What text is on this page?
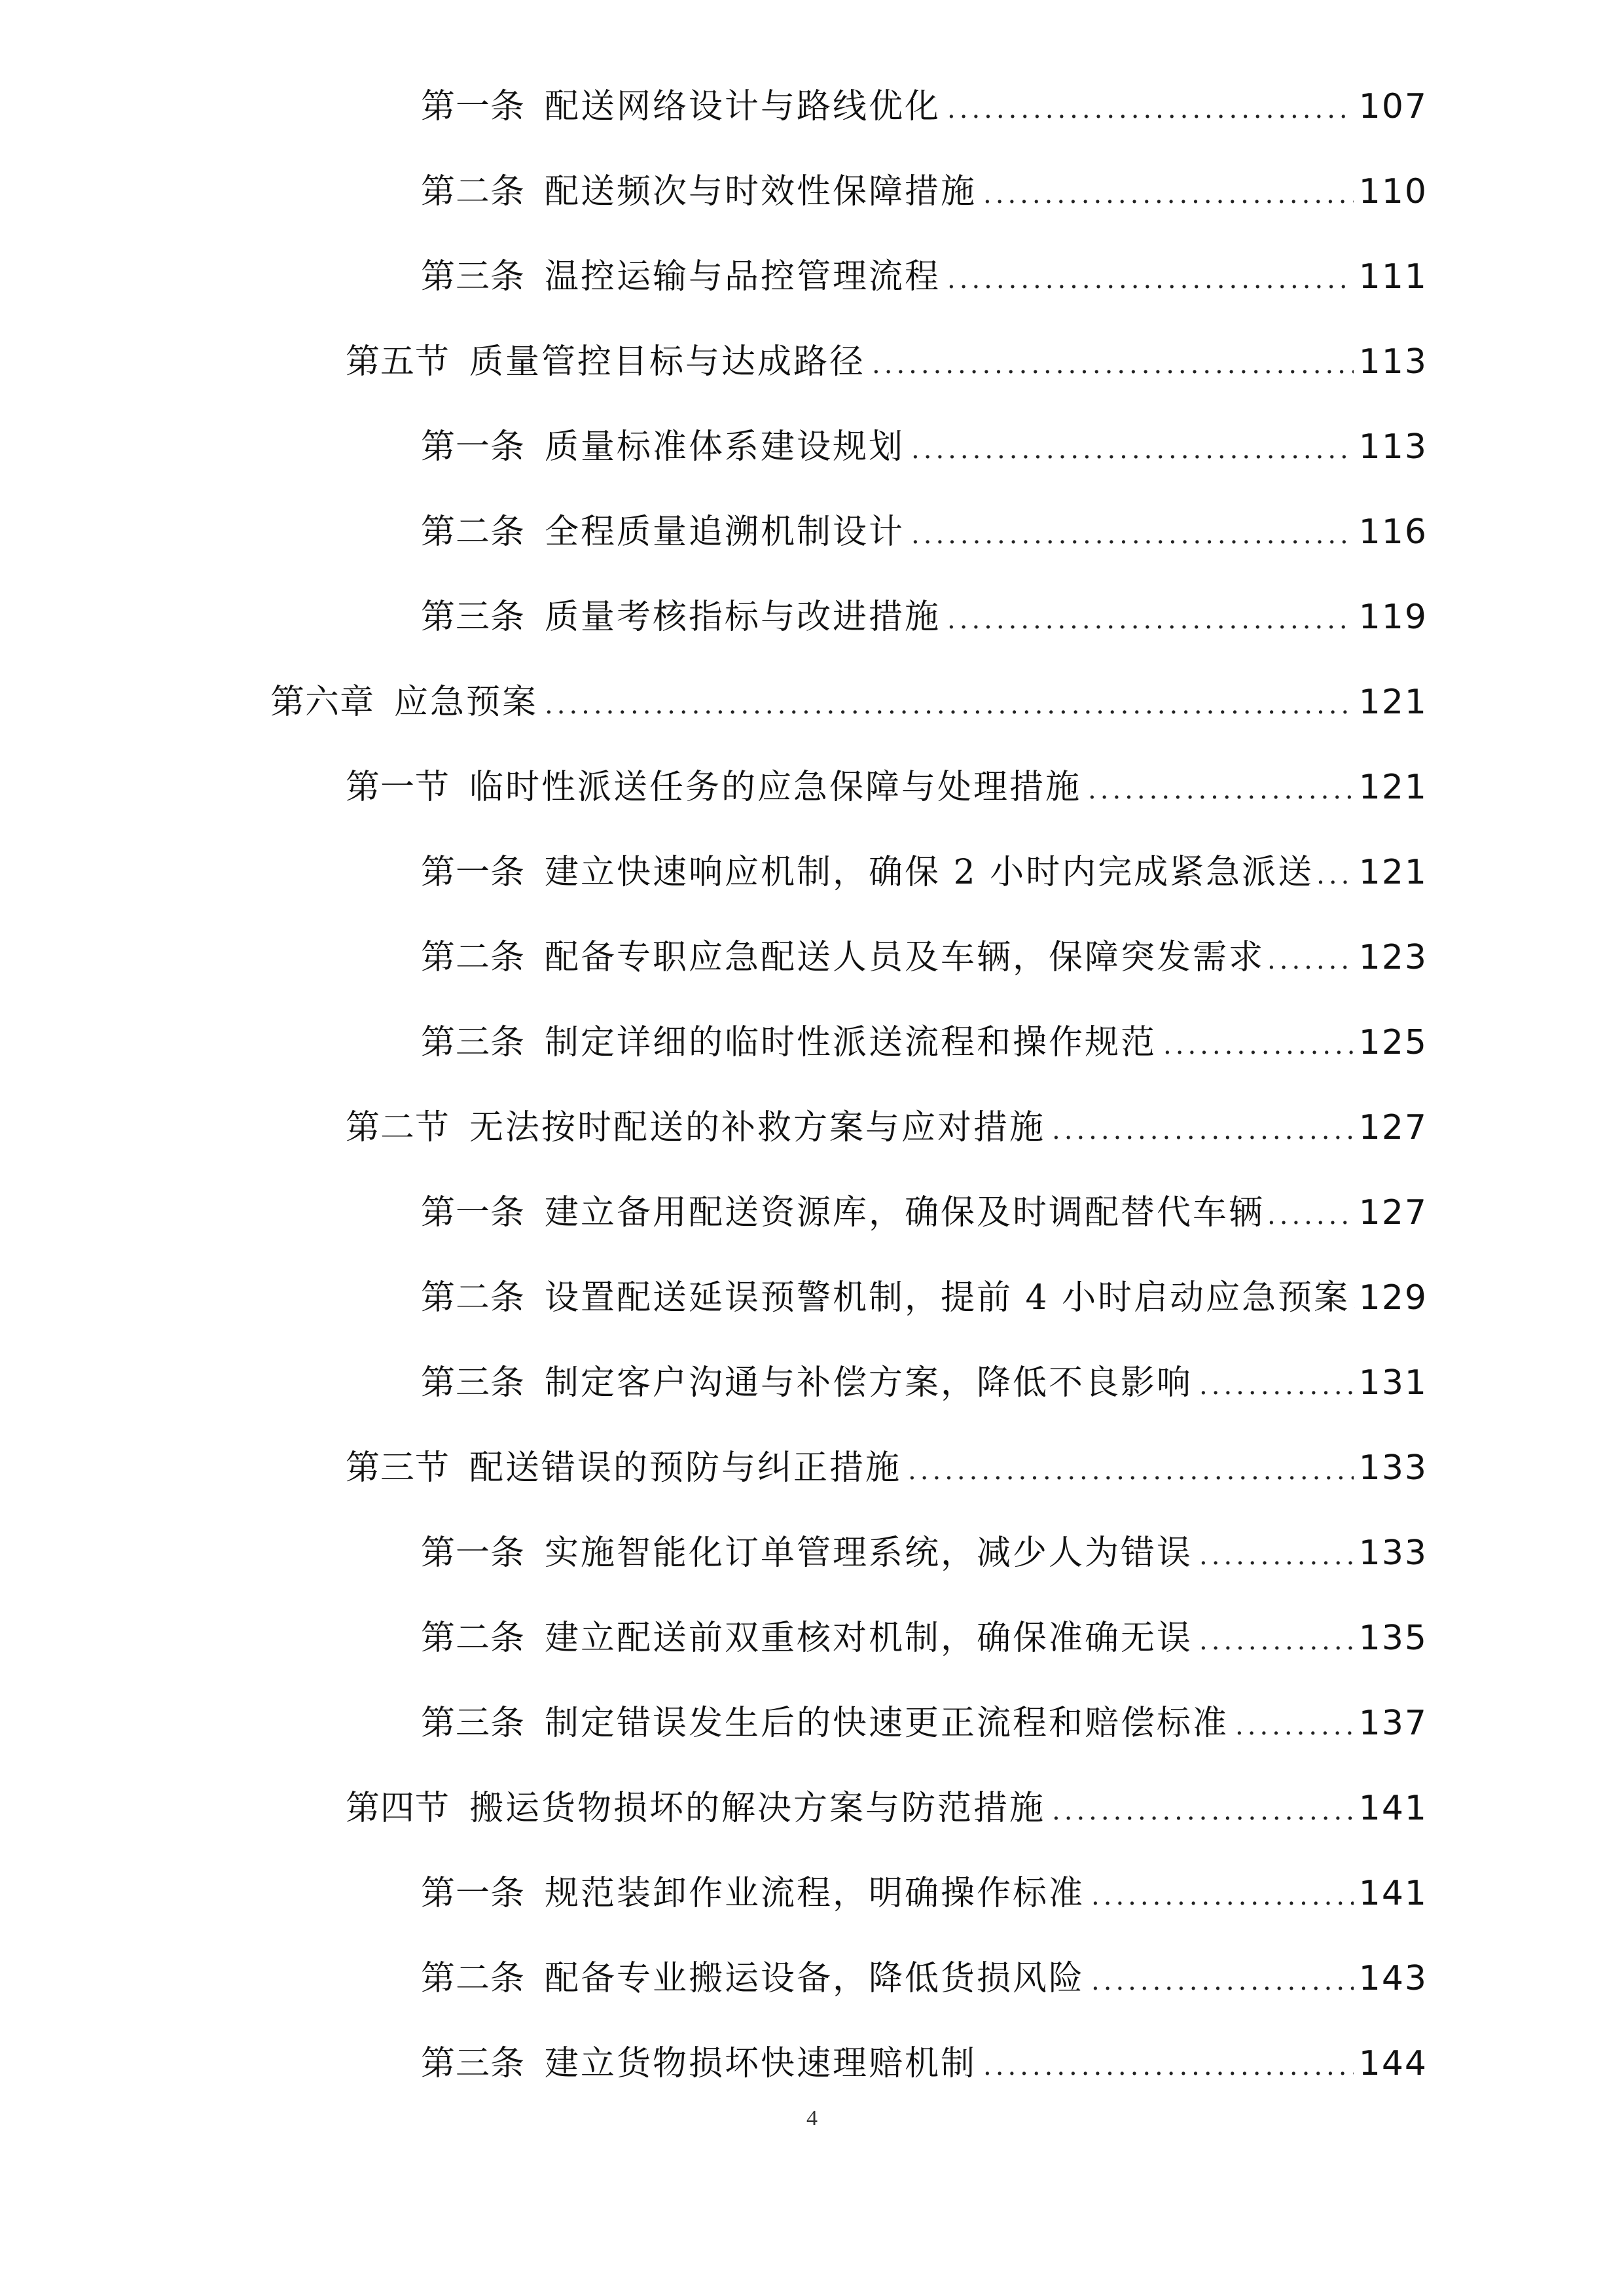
第一条 配送网络设计与路线优化 .....	107
第二条 配送频次与时效性保障措施 .....	110
第三条 温控运输与品控管理流程 .....	111
第五节 质量管控目标与达成路径 .....	113
第一条 质量标准体系建设规划 .....	113
第二条 全程质量追溯机制设计 .....	116
第三条 质量考核指标与改进措施 .....	119
第六章 应急预案 .....	121
第一节 临时性派送任务的应急保障与处理措施 .....	121
第一条 建立快速响应机制，确保 2 小时内完成紧急派送 ..... 121
第二条 配备专职应急配送人员及车辆，保障突发需求 .....	123
第三条 制定详细的临时性派送流程和操作规范 .....	125
第二节 无法按时配送的补救方案与应对措施 .....	127
第一条 建立备用配送资源库，确保及时调配替代车辆 .....	127
第二条 设置配送延误预警机制，提前 4 小时启动应急预案 ..... 129
第三条 制定客户沟通与补偿方案，降低不良影响 .....	131
第三节 配送错误的预防与纠正措施 .....	133
第一条 实施智能化订单管理系统，减少人为错误 .....	133
第二条 建立配送前双重核对机制，确保准确无误 .....	135
第三条 制定错误发生后的快速更正流程和赔偿标准 .....	137
第四节 搬运货物损坏的解决方案与防范措施 .....	141
第一条 规范装卸作业流程，明确操作标准 .....	141
第二条 配备专业搬运设备，降低货损风险 .....	143
第三条 建立货物损坏快速理赔机制 .....	144
4
